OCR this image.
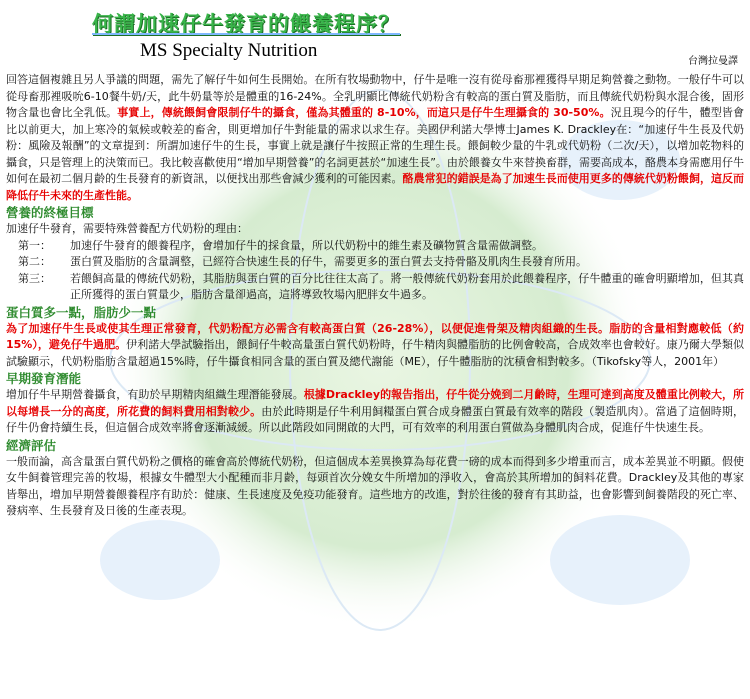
何謂加速仔牛發育的餵養程序？
MS Specialty Nutrition
台灣拉曼譯

回答這個複雜且另人爭議的問題，需先了解仔牛如何生長開始。在所有牧場動物中，仔牛是唯一沒有從母畜那裡獲得早期足夠營養之動物。一般仔牛可以從母畜那裡吸吮6-10餐牛奶/天，此牛奶量等於是體重的16-24%。全乳明顯比傳統代奶粉含有較高的蛋白質及脂肪，而且傳統代奶粉與水混合後，固形物含量也會比全乳低。事實上，傳統餵飼會限制仔牛的攝食，僅為其體重的 8-10%，而這只是仔牛生理攝食的 30-50%。況且現今的仔牛，體型皆會比以前更大，加上寒冷的氣候或較差的畜舍，則更增加仔牛對能量的需求以求生存。美國伊利諾大學博士James K. Drackley在：“加速仔牛生長及代奶粉：風險及報酬”的文章提到：所謂加速仔牛的生長，事實上就是讓仔牛按照正常的生理生長。餵飼較少量的牛乳或代奶粉（二次/天），以增加乾物料的攝食，只是管理上的決策而已。我比較喜歡使用“增加早期營養”的名詞更甚於“加速生長”。由於餵養女牛來替換畜群，需要高成本，酪農本身需應用仔牛如何在最初二個月齡的生長發育的新資訊，以便找出那些會減少獲利的可能因素。酪農常犯的錯誤是為了加速生長而使用更多的傳統代奶粉餵飼，這反而降低仔牛未來的生產性能。

營養的終極目標

加速仔牛發育，需要特殊營養配方代奶粉的理由：

第一：	加速仔牛發育的餵養程序，會增加仔牛的採食量，所以代奶粉中的維生素及礦物質含量需做調整。
第二：	蛋白質及脂肪的含量調整，已經符合快速生長的仔牛，需要更多的蛋白質去支持骨骼及肌肉生長發育所用。
第三：	若餵飼高量的傳統代奶粉，其脂肪與蛋白質的百分比往往太高了。將一般傳統代奶粉套用於此餵養程序，仔牛體重的確會明顯增加，但其真正所獲得的蛋白質量少，脂肪含量卻過高，這將導致牧場內肥胖女牛過多。
蛋白質多一點，脂肪少一點

為了加速仔牛生長或使其生理正常發育，代奶粉配方必需含有較高蛋白質（26-28%），以便促進骨架及精肉組織的生長。脂肪的含量相對應較低（約15%），避免仔牛過肥。伊利諾大學試驗指出，餵飼仔牛較高量蛋白質代奶粉時，仔牛精肉與體脂肪的比例會較高，合成效率也會較好。康乃爾大學類似試驗顯示，代奶粉脂肪含量超過15%時，仔牛攝食相同含量的蛋白質及總代謝能（ME），仔牛體脂肪的沈積會相對較多。（Tikofsky等人，2001年）

早期發育潛能

增加仔牛早期營養攝食，有助於早期精肉組織生理潛能發展。根據Drackley的報告指出，仔牛從分娩到二月齡時，生理可達到高度及體重比例較大，所以每增長一分的高度，所花費的飼料費用相對較少。由於此時期是仔牛利用飼糧蛋白質合成身體蛋白質最有效率的階段（製造肌肉）。當過了這個時期，仔牛仍會持續生長，但這個合成效率將會逐漸減緩。所以此階段如同開啟的大門，可有效率的利用蛋白質做為身體肌肉合成，促進仔牛快速生長。

經濟評估

一般而論，高含量蛋白質代奶粉之價格的確會高於傳統代奶粉，但這個成本差異換算為每花費一磅的成本而得到多少增重而言，成本差異並不明顯。假使女牛飼養管理完善的牧場，根據女牛體型大小配種而非月齡，每頭首次分娩女牛所增加的淨收入，會高於其所增加的飼料花費。Drackley及其他的專家皆舉出，增加早期營養餵養程序有助於：健康、生長速度及免疫功能發育。這些地方的改進，對於往後的發育有其助益，也會影響到飼養階段的死亡率、發病率、生長發育及日後的生產表現。
